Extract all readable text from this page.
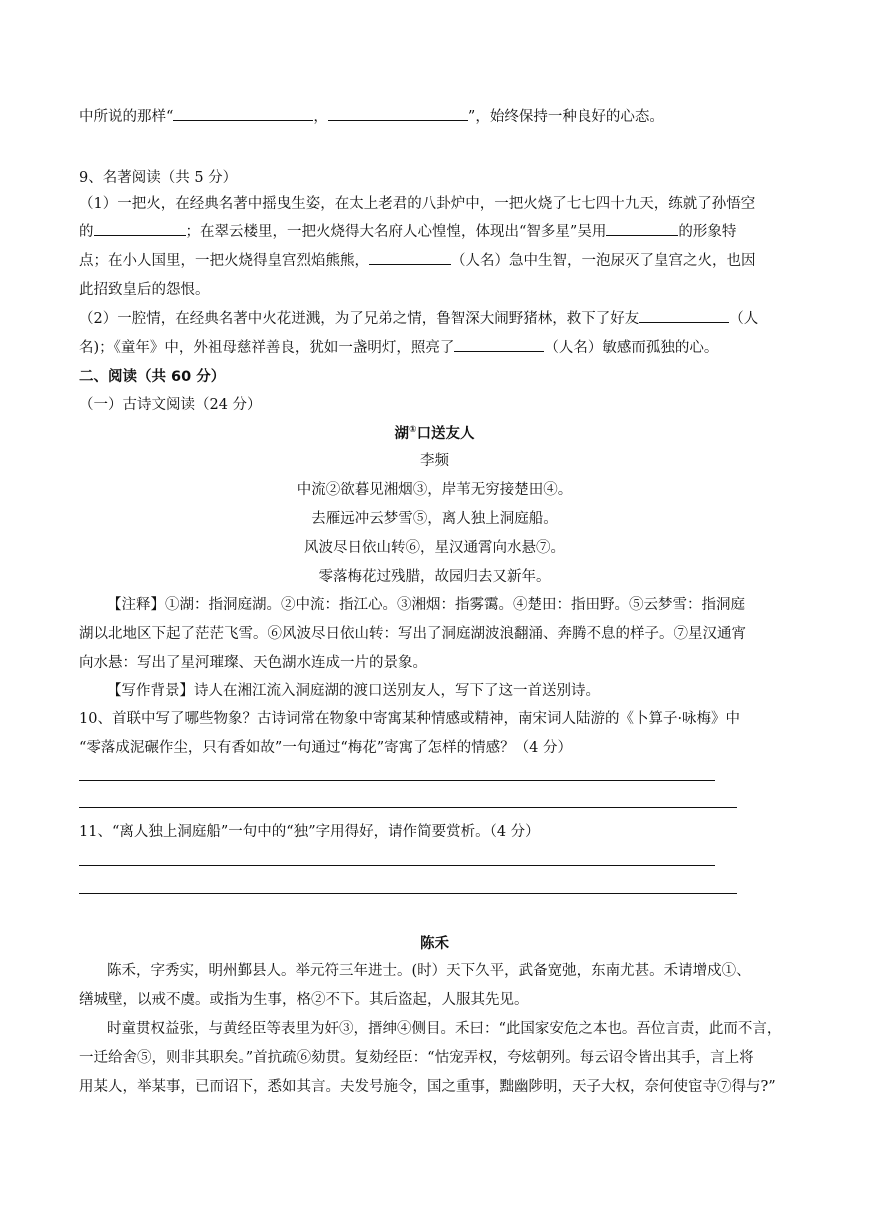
中所说的那样“	，	”，始终保持一种良好的心态。
9、名著阅读（共 5 分）
（1）一把火，在经典名著中摇曳生姿，在太上老君的八卦炉中，一把火烧了七七四十九天，练就了孙悟空
的	；在翠云楼里，一把火烧得大名府人心惶惶，体现出“智多星”吴用	的形象特
点；在小人国里，一把火烧得皇宫烈焰熊熊，	（人名）急中生智，一泡尿灭了皇宫之火，也因
此招致皇后的怨恨。
（2）一腔情，在经典名著中火花迸溅，为了兄弟之情，鲁智深大闹野猪林，救下了好友	（人
名)；《童年》中，外祖母慈祥善良，犹如一盏明灯，照亮了	（人名）敏感而孤独的心。
二、阅读（共 60 分）
（一）古诗文阅读（24 分）
湖①口送友人
李频
中流②欲暮见湘烟③，岸苇无穷接楚田④。
去雁远冲云梦雪⑤，离人独上洞庭船。
风波尽日依山转⑥，星汉通霄向水悬⑦。
零落梅花过残腊，故园归去又新年。
【注释】①湖：指洞庭湖。②中流：指江心。③湘烟：指雾霭。④楚田：指田野。⑤云梦雪：指洞庭
湖以北地区下起了茫茫飞雪。⑥风波尽日依山转：写出了洞庭湖波浪翻涌、奔腾不息的样子。⑦星汉通宵
向水悬：写出了星河璀璨、天色湖水连成一片的景象。
【写作背景】诗人在湘江流入洞庭湖的渡口送别友人，写下了这一首送别诗。
10、首联中写了哪些物象？古诗词常在物象中寄寓某种情感或精神，南宋词人陆游的《卜算子·咏梅》中
“零落成泥碾作尘，只有香如故”一句通过“梅花”寄寓了怎样的情感？（4 分）
11、“离人独上洞庭船”一句中的“独”字用得好，请作简要赏析。（4 分）
陈禾
陈禾，字秀实，明州鄞县人。举元符三年进士。(时）天下久平，武备宽弛，东南尤甚。禾请增戍①、
缮城壁，以戒不虞。或指为生事，格②不下。其后盗起，人服其先见。
时童贯权益张，与黄经臣等表里为奸③，搢绅④侧目。禾曰：“此国家安危之本也。吾位言责，此而不言，
一迁给舍⑤，则非其职矣。”首抗疏⑥劾贯。复劾经臣：“怙宠弄权，夸炫朝列。每云诏令皆出其手，言上将
用某人，举某事，已而诏下，悉如其言。夫发号施令，国之重事，黜幽陟明，天子大权，奈何使宦寺⑦得与?”
